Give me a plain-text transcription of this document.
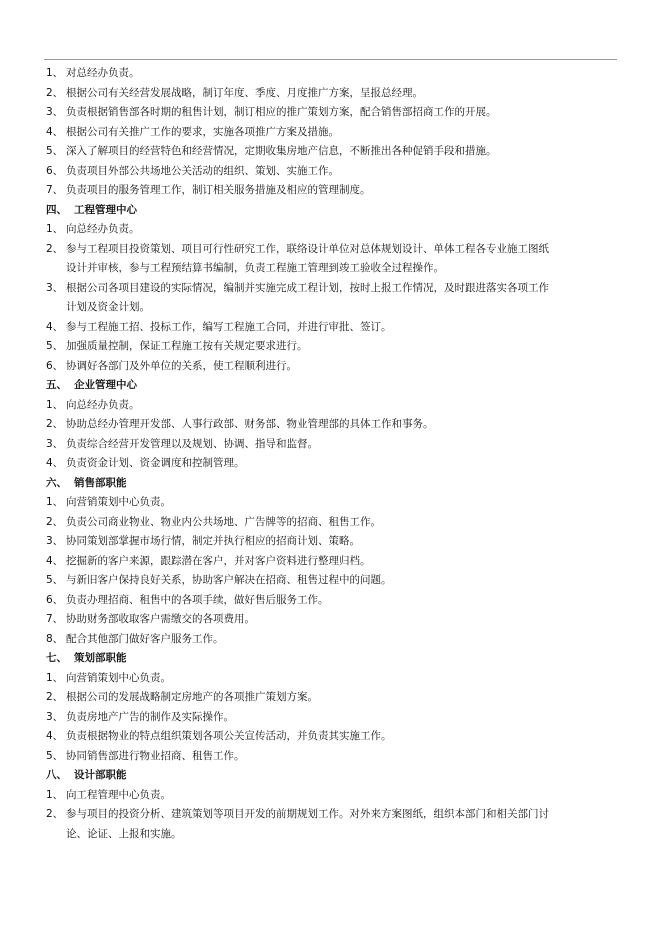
1、 对总经办负责。
2、 根据公司有关经营发展战略，制订年度、季度、月度推广方案，呈报总经理。
3、 负责根据销售部各时期的租售计划，制订相应的推广策划方案，配合销售部招商工作的开展。
4、 根据公司有关推广工作的要求，实施各项推广方案及措施。
5、 深入了解项目的经营特色和经营情况，定期收集房地产信息，不断推出各种促销手段和措施。
6、 负责项目外部公共场地公关活动的组织、策划、实施工作。
7、 负责项目的服务管理工作，制订相关服务措施及相应的管理制度。
四、 工程管理中心
1、 向总经办负责。
2、 参与工程项目投资策划、项目可行性研究工作，联络设计单位对总体规划设计、单体工程各专业施工图纸
设计并审核，参与工程预结算书编制，负责工程施工管理到竣工验收全过程操作。
3、 根据公司各项目建设的实际情况，编制并实施完成工程计划，按时上报工作情况，及时跟进落实各项工作
计划及资金计划。
4、 参与工程施工招、投标工作，编写工程施工合同，并进行审批、签订。
5、 加强质量控制，保证工程施工按有关规定要求进行。
6、 协调好各部门及外单位的关系，使工程顺利进行。
五、 企业管理中心
1、 向总经办负责。
2、 协助总经办管理开发部、人事行政部、财务部、物业管理部的具体工作和事务。
3、 负责综合经营开发管理以及规划、协调、指导和监督。
4、 负责资金计划、资金调度和控制管理。
六、 销售部职能
1、 向营销策划中心负责。
2、 负责公司商业物业、物业内公共场地、广告牌等的招商、租售工作。
3、 协同策划部掌握市场行情，制定并执行相应的招商计划、策略。
4、 挖掘新的客户来源，跟踪潜在客户，并对客户资料进行整理归档。
5、 与新旧客户保持良好关系，协助客户解决在招商、租售过程中的问题。
6、 负责办理招商、租售中的各项手续，做好售后服务工作。
7、 协助财务部收取客户需缴交的各项费用。
8、 配合其他部门做好客户服务工作。
七、 策划部职能
1、 向营销策划中心负责。
2、 根据公司的发展战略制定房地产的各项推广策划方案。
3、 负责房地产广告的制作及实际操作。
4、 负责根据物业的特点组织策划各项公关宣传活动，并负责其实施工作。
5、 协同销售部进行物业招商、租售工作。
八、 设计部职能
1、 向工程管理中心负责。
2、 参与项目的投资分析、建筑策划等项目开发的前期规划工作。对外来方案图纸，组织本部门和相关部门讨
论、论证、上报和实施。
